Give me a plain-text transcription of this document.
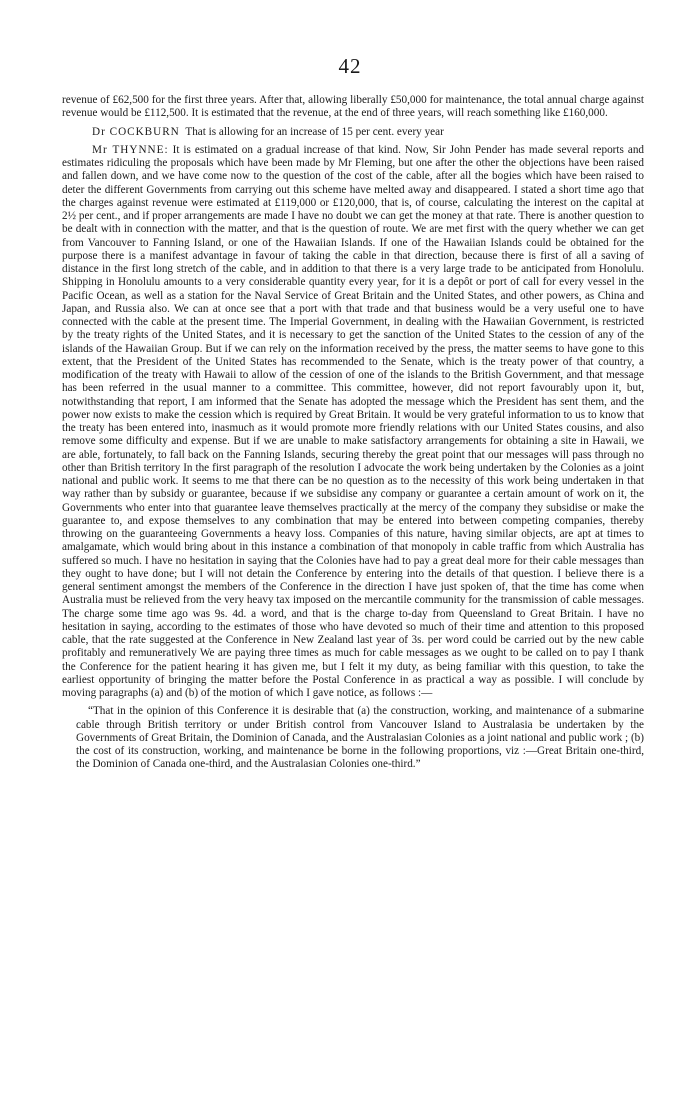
42

revenue of £62,500 for the first three years. After that, allowing liberally £50,000 for maintenance, the total annual charge against revenue would be £112,500. It is estimated that the revenue, at the end of three years, will reach something like £160,000.

Dr COCKBURN That is allowing for an increase of 15 per cent. every year

Mr THYNNE: It is estimated on a gradual increase of that kind. Now, Sir John Pender has made several reports and estimates ridiculing the proposals which have been made by Mr Fleming, but one after the other the objections have been raised and fallen down, and we have come now to the question of the cost of the cable, after all the bogies which have been raised to deter the different Governments from carrying out this scheme have melted away and disappeared. I stated a short time ago that the charges against revenue were estimated at £119,000 or £120,000, that is, of course, calculating the interest on the capital at 2½ per cent., and if proper arrangements are made I have no doubt we can get the money at that rate. There is another question to be dealt with in connection with the matter, and that is the question of route. We are met first with the query whether we can get from Vancouver to Fanning Island, or one of the Hawaiian Islands. If one of the Hawaiian Islands could be obtained for the purpose there is a manifest advantage in favour of taking the cable in that direction, because there is first of all a saving of distance in the first long stretch of the cable, and in addition to that there is a very large trade to be anticipated from Honolulu. Shipping in Honolulu amounts to a very considerable quantity every year, for it is a depôt or port of call for every vessel in the Pacific Ocean, as well as a station for the Naval Service of Great Britain and the United States, and other powers, as China and Japan, and Russia also. We can at once see that a port with that trade and that business would be a very useful one to have connected with the cable at the present time. The Imperial Government, in dealing with the Hawaiian Government, is restricted by the treaty rights of the United States, and it is necessary to get the sanction of the United States to the cession of any of the islands of the Hawaiian Group. But if we can rely on the information received by the press, the matter seems to have gone to this extent, that the President of the United States has recommended to the Senate, which is the treaty power of that country, a modification of the treaty with Hawaii to allow of the cession of one of the islands to the British Government, and that message has been referred in the usual manner to a committee. This committee, however, did not report favourably upon it, but, notwithstanding that report, I am informed that the Senate has adopted the message which the President has sent them, and the power now exists to make the cession which is required by Great Britain. It would be very grateful information to us to know that the treaty has been entered into, inasmuch as it would promote more friendly relations with our United States cousins, and also remove some difficulty and expense. But if we are unable to make satisfactory arrangements for obtaining a site in Hawaii, we are able, fortunately, to fall back on the Fanning Islands, securing thereby the great point that our messages will pass through no other than British territory In the first paragraph of the resolution I advocate the work being undertaken by the Colonies as a joint national and public work. It seems to me that there can be no question as to the necessity of this work being undertaken in that way rather than by subsidy or guarantee, because if we subsidise any company or guarantee a certain amount of work on it, the Governments who enter into that guarantee leave themselves practically at the mercy of the company they subsidise or make the guarantee to, and expose themselves to any combination that may be entered into between competing companies, thereby throwing on the guaranteeing Governments a heavy loss. Companies of this nature, having similar objects, are apt at times to amalgamate, which would bring about in this instance a combination of that monopoly in cable traffic from which Australia has suffered so much. I have no hesitation in saying that the Colonies have had to pay a great deal more for their cable messages than they ought to have done; but I will not detain the Conference by entering into the details of that question. I believe there is a general sentiment amongst the members of the Conference in the direction I have just spoken of, that the time has come when Australia must be relieved from the very heavy tax imposed on the mercantile community for the transmission of cable messages. The charge some time ago was 9s. 4d. a word, and that is the charge to-day from Queensland to Great Britain. I have no hesitation in saying, according to the estimates of those who have devoted so much of their time and attention to this proposed cable, that the rate suggested at the Conference in New Zealand last year of 3s. per word could be carried out by the new cable profitably and remuneratively We are paying three times as much for cable messages as we ought to be called on to pay I thank the Conference for the patient hearing it has given me, but I felt it my duty, as being familiar with this question, to take the earliest opportunity of bringing the matter before the Postal Conference in as practical a way as possible. I will conclude by moving paragraphs (a) and (b) of the motion of which I gave notice, as follows :—

“That in the opinion of this Conference it is desirable that (a) the construction, working, and maintenance of a submarine cable through British territory or under British control from Vancouver Island to Australasia be undertaken by the Governments of Great Britain, the Dominion of Canada, and the Australasian Colonies as a joint national and public work ; (b) the cost of its construction, working, and maintenance be borne in the following proportions, viz :—Great Britain one-third, the Dominion of Canada one-third, and the Australasian Colonies one-third.”
